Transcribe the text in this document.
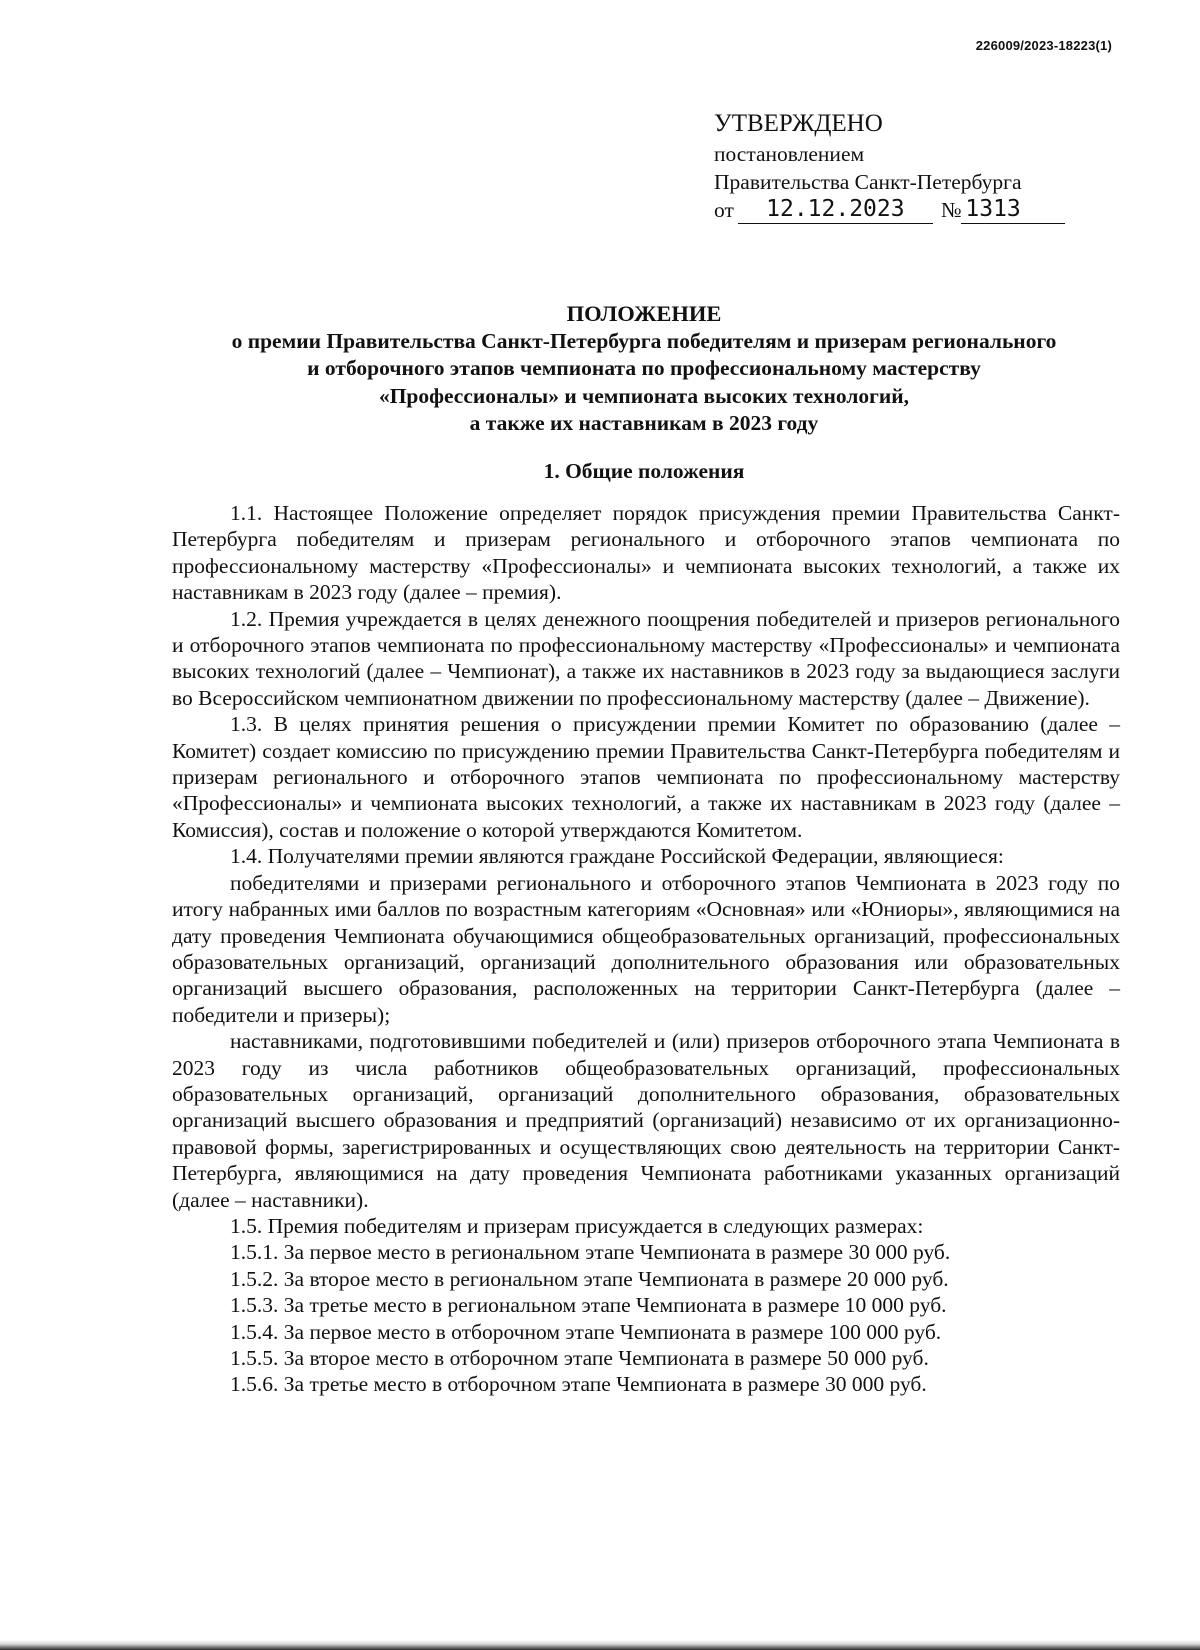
226009/2023-18223(1)
УТВЕРЖДЕНО
постановлением
Правительства Санкт-Петербурга
от	12.12.2023	№ 1313
ПОЛОЖЕНИЕ
о премии Правительства Санкт-Петербурга победителям и призерам регионального
и отборочного этапов чемпионата по профессиональному мастерству
«Профессионалы» и чемпионата высоких технологий,
а также их наставникам в 2023 году
1. Общие положения

1.1. Настоящее Положение определяет порядок присуждения премии Правительства Санкт-Петербурга победителям и призерам регионального и отборочного этапов чемпионата по профессиональному мастерству «Профессионалы» и чемпионата высоких технологий, а также их наставникам в 2023 году (далее – премия).

1.2. Премия учреждается в целях денежного поощрения победителей и призеров регионального и отборочного этапов чемпионата по профессиональному мастерству «Профессионалы» и чемпионата высоких технологий (далее – Чемпионат), а также их наставников в 2023 году за выдающиеся заслуги во Всероссийском чемпионатном движении по профессиональному мастерству (далее – Движение).

1.3. В целях принятия решения о присуждении премии Комитет по образованию (далее – Комитет) создает комиссию по присуждению премии Правительства Санкт-Петербурга победителям и призерам регионального и отборочного этапов чемпионата по профессиональному мастерству «Профессионалы» и чемпионата высоких технологий, а также их наставникам в 2023 году (далее – Комиссия), состав и положение о которой утверждаются Комитетом.

1.4. Получателями премии являются граждане Российской Федерации, являющиеся:

победителями и призерами регионального и отборочного этапов Чемпионата в 2023 году по итогу набранных ими баллов по возрастным категориям «Основная» или «Юниоры», являющимися на дату проведения Чемпионата обучающимися общеобразовательных организаций, профессиональных образовательных организаций, организаций дополнительного образования или образовательных организаций высшего образования, расположенных на территории Санкт-Петербурга (далее – победители и призеры);

наставниками, подготовившими победителей и (или) призеров отборочного этапа Чемпионата в 2023 году из числа работников общеобразовательных организаций, профессиональных образовательных организаций, организаций дополнительного образования, образовательных организаций высшего образования и предприятий (организаций) независимо от их организационно-правовой формы, зарегистрированных и осуществляющих свою деятельность на территории Санкт-Петербурга, являющимися на дату проведения Чемпионата работниками указанных организаций (далее – наставники).

1.5. Премия победителям и призерам присуждается в следующих размерах:

1.5.1. За первое место в региональном этапе Чемпионата в размере 30 000 руб.

1.5.2. За второе место в региональном этапе Чемпионата в размере 20 000 руб.

1.5.3. За третье место в региональном этапе Чемпионата в размере 10 000 руб.

1.5.4. За первое место в отборочном этапе Чемпионата в размере 100 000 руб.

1.5.5. За второе место в отборочном этапе Чемпионата в размере 50 000 руб.

1.5.6. За третье место в отборочном этапе Чемпионата в размере 30 000 руб.
